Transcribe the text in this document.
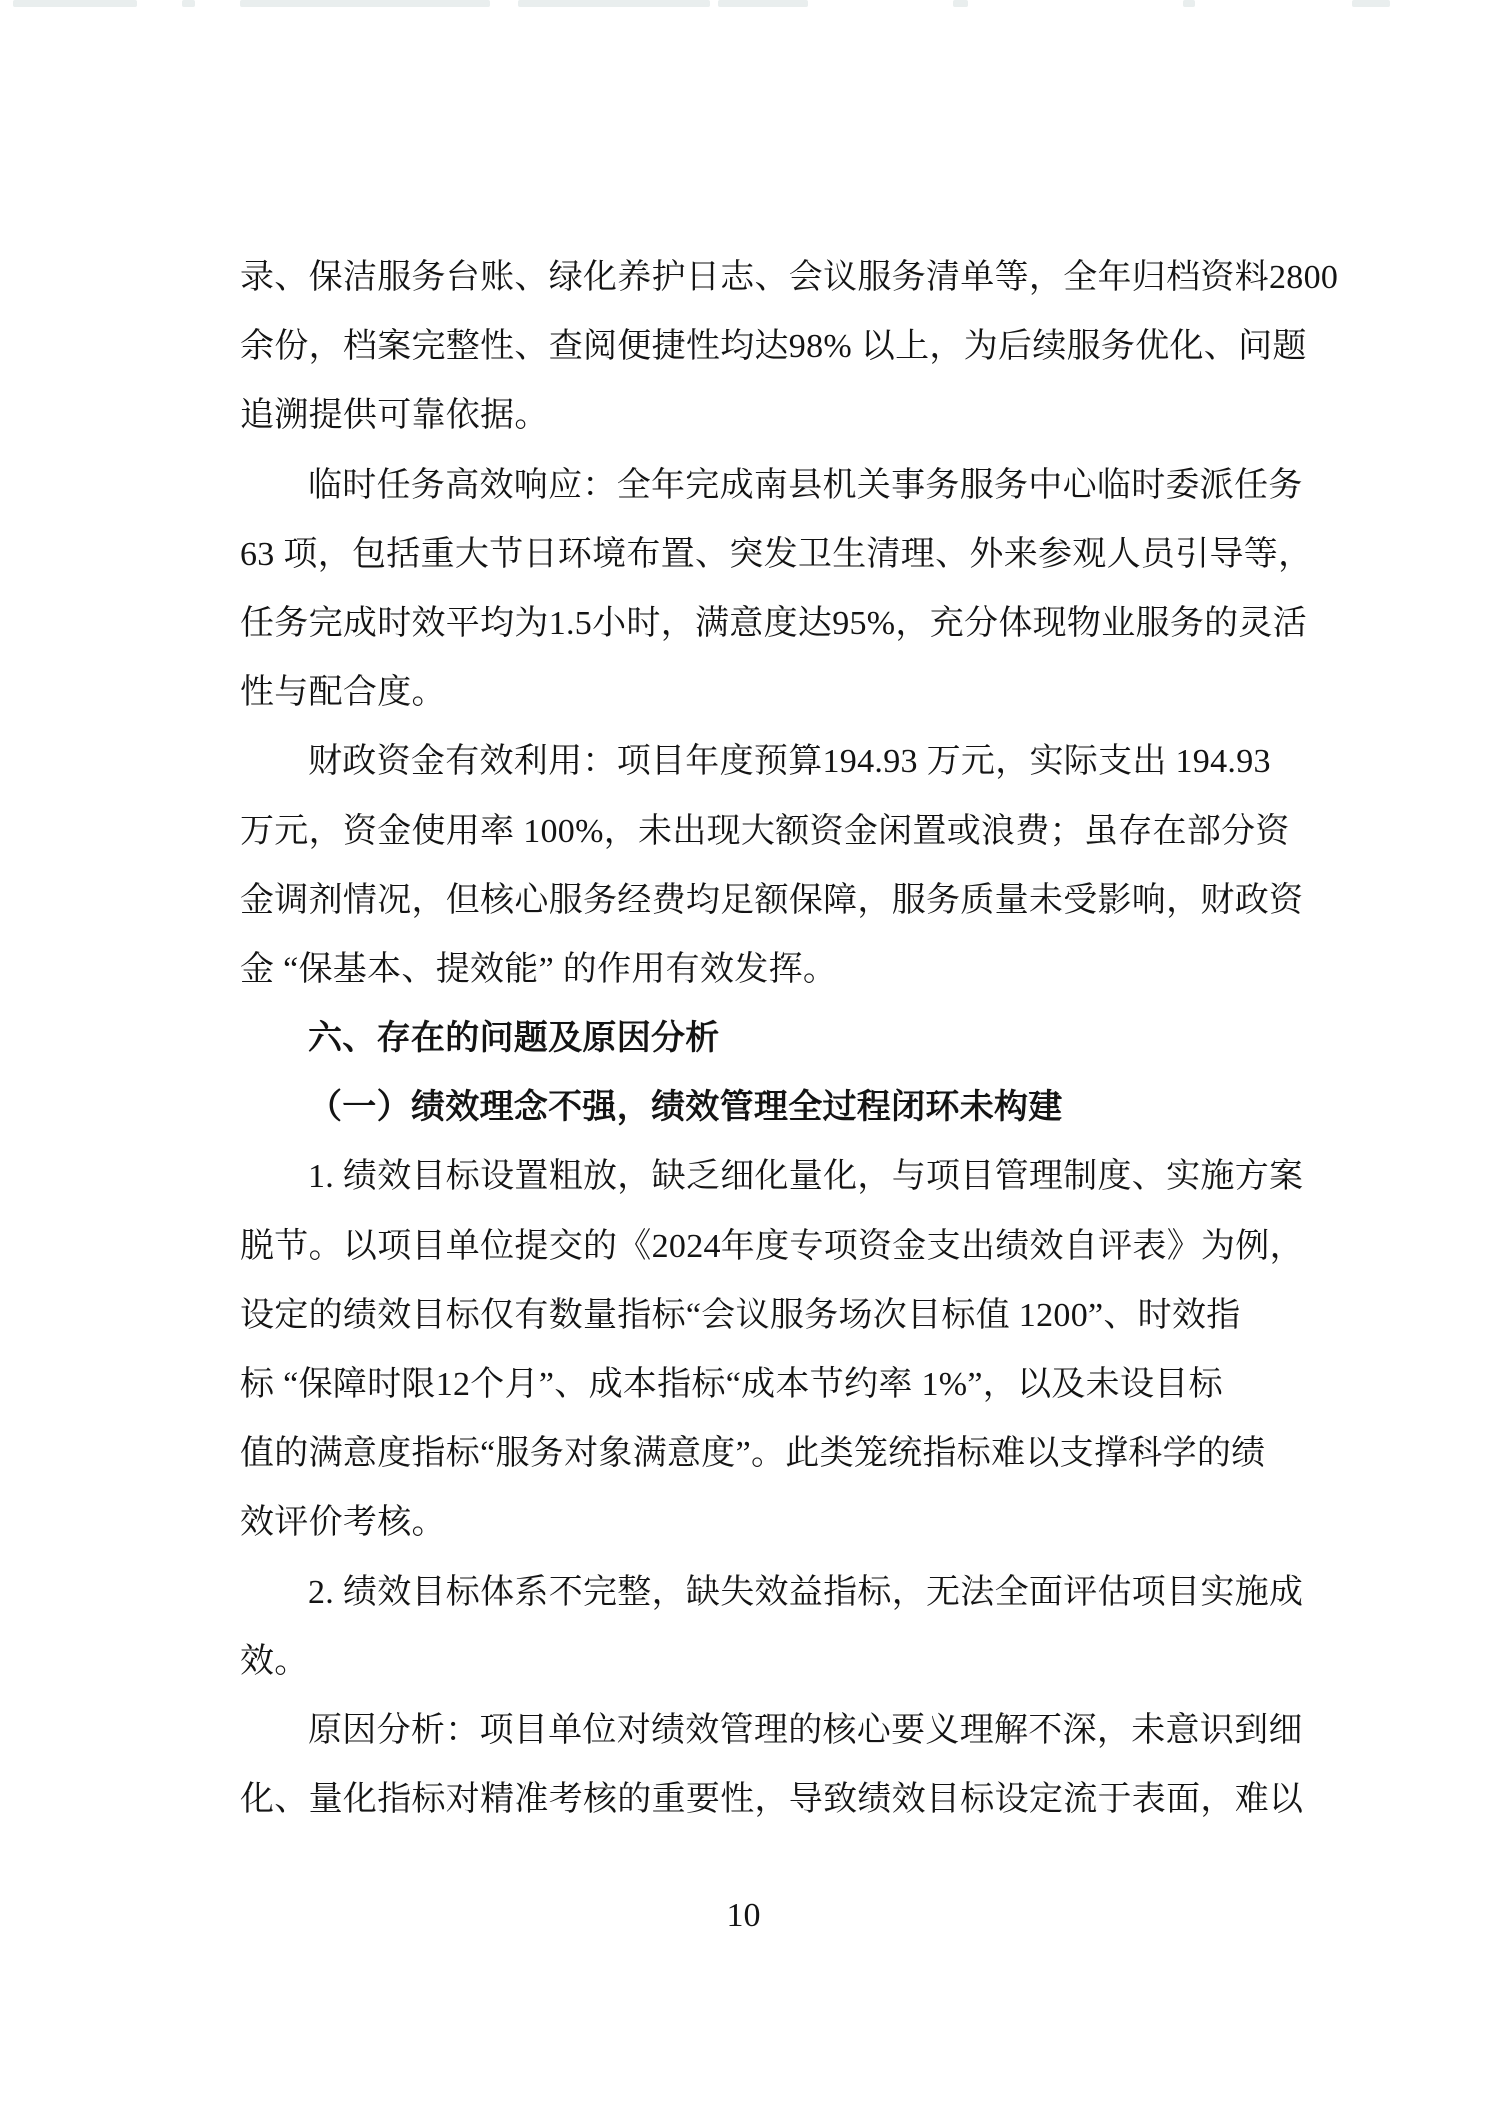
录、保洁服务台账、绿化养护日志、会议服务清单等，全年归档资料2800
余份，档案完整性、查阅便捷性均达98% 以上，为后续服务优化、问题
追溯提供可靠依据。
临时任务高效响应：全年完成南县机关事务服务中心临时委派任务
63 项，包括重大节日环境布置、突发卫生清理、外来参观人员引导等，
任务完成时效平均为1.5小时，满意度达95%，充分体现物业服务的灵活
性与配合度。
财政资金有效利用：项目年度预算194.93 万元，实际支出 194.93
万元，资金使用率 100%，未出现大额资金闲置或浪费；虽存在部分资
金调剂情况，但核心服务经费均足额保障，服务质量未受影响，财政资
金 “保基本、提效能” 的作用有效发挥。
六、存在的问题及原因分析
（一）绩效理念不强，绩效管理全过程闭环未构建
1. 绩效目标设置粗放，缺乏细化量化，与项目管理制度、实施方案
脱节。以项目单位提交的《2024年度专项资金支出绩效自评表》为例，
设定的绩效目标仅有数量指标“会议服务场次目标值 1200”、时效指
标 “保障时限12个月”、成本指标“成本节约率 1%”，以及未设目标
值的满意度指标“服务对象满意度”。此类笼统指标难以支撑科学的绩
效评价考核。
2. 绩效目标体系不完整，缺失效益指标，无法全面评估项目实施成
效。
原因分析：项目单位对绩效管理的核心要义理解不深，未意识到细
化、量化指标对精准考核的重要性，导致绩效目标设定流于表面，难以
10
